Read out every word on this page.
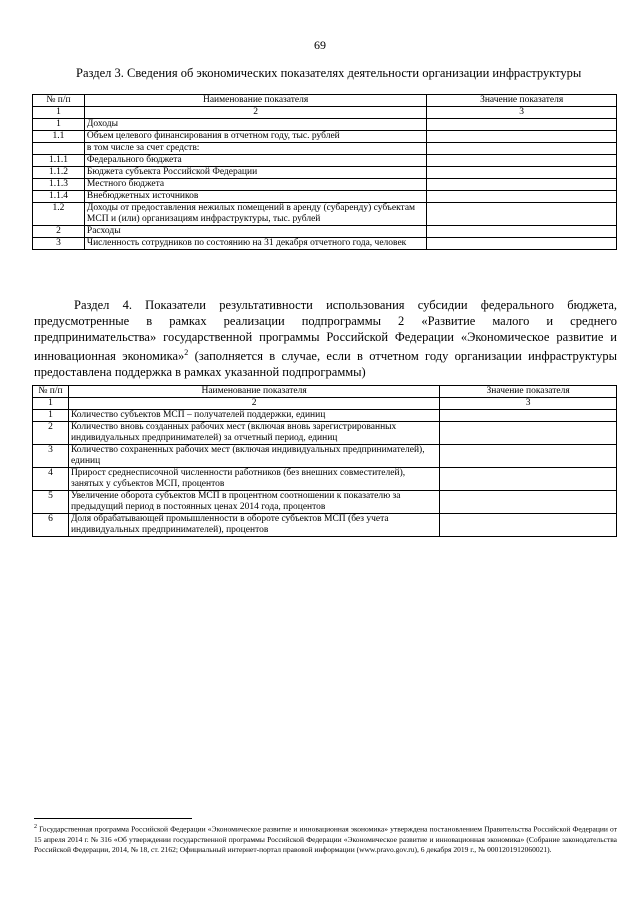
69
Раздел 3. Сведения об экономических показателях деятельности организации инфраструктуры
№ п/п	Наименование показателя	Значение показателя
1	2	3
1	Доходы	
1.1	Объем целевого финансирования в отчетном году, тыс. рублей	
	в том числе за счет средств:	
1.1.1	Федерального бюджета	
1.1.2	Бюджета субъекта Российской Федерации	
1.1.3	Местного бюджета	
1.1.4	Внебюджетных источников	
1.2	Доходы от предоставления нежилых помещений в аренду (субаренду) субъектам МСП и (или) организациям инфраструктуры, тыс. рублей	
2	Расходы	
3	Численность сотрудников по состоянию на 31 декабря отчетного года, человек	
Раздел 4. Показатели результативности использования субсидии федерального бюджета, предусмотренные в рамках реализации подпрограммы 2 «Развитие малого и среднего предпринимательства» государственной программы Российской Федерации «Экономическое развитие и инновационная экономика»$^2$ (заполняется в случае, если в отчетном году организации инфраструктуры предоставлена поддержка в рамках указанной подпрограммы)
№ п/п	Наименование показателя	Значение показателя
1	2	3
1	Количество субъектов МСП – получателей поддержки, единиц	
2	Количество вновь созданных рабочих мест (включая вновь зарегистрированных индивидуальных предпринимателей) за отчетный период, единиц	
3	Количество сохраненных рабочих мест (включая индивидуальных предпринимателей), единиц	
4	Прирост среднесписочной численности работников (без внешних совместителей), занятых у субъектов МСП, процентов	
5	Увеличение оборота субъектов МСП в процентном соотношении к показателю за предыдущий период в постоянных ценах 2014 года, процентов	
6	Доля обрабатывающей промышленности в обороте субъектов МСП (без учета индивидуальных предпринимателей), процентов	
$^2$ Государственная программа Российской Федерации «Экономическое развитие и инновационная экономика» утверждена постановлением Правительства Российской Федерации от 15 апреля 2014 г. № 316 «Об утверждении государственной программы Российской Федерации «Экономическое развитие и инновационная экономика» (Собрание законодательства Российской Федерации, 2014, № 18, ст. 2162; Официальный интернет-портал правовой информации (www.pravo.gov.ru), 6 декабря 2019 г., № 0001201912060021).
